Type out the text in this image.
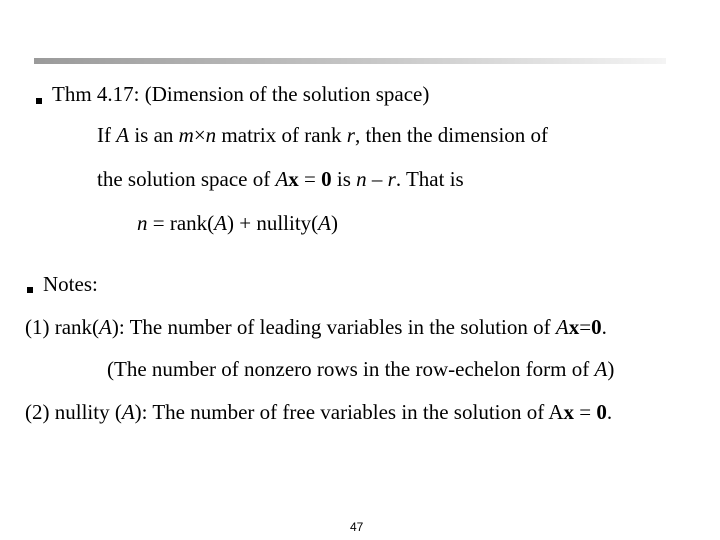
Thm 4.17: (Dimension of the solution space)
If A is an m×n matrix of rank r, then the dimension of
the solution space of Ax = 0 is n – r. That is
n = rank(A) + nullity(A)
Notes:
(1) rank(A): The number of leading variables in the solution of Ax=0.
(The number of nonzero rows in the row-echelon form of A)
(2) nullity (A): The number of free variables in the solution of Ax = 0.
47
